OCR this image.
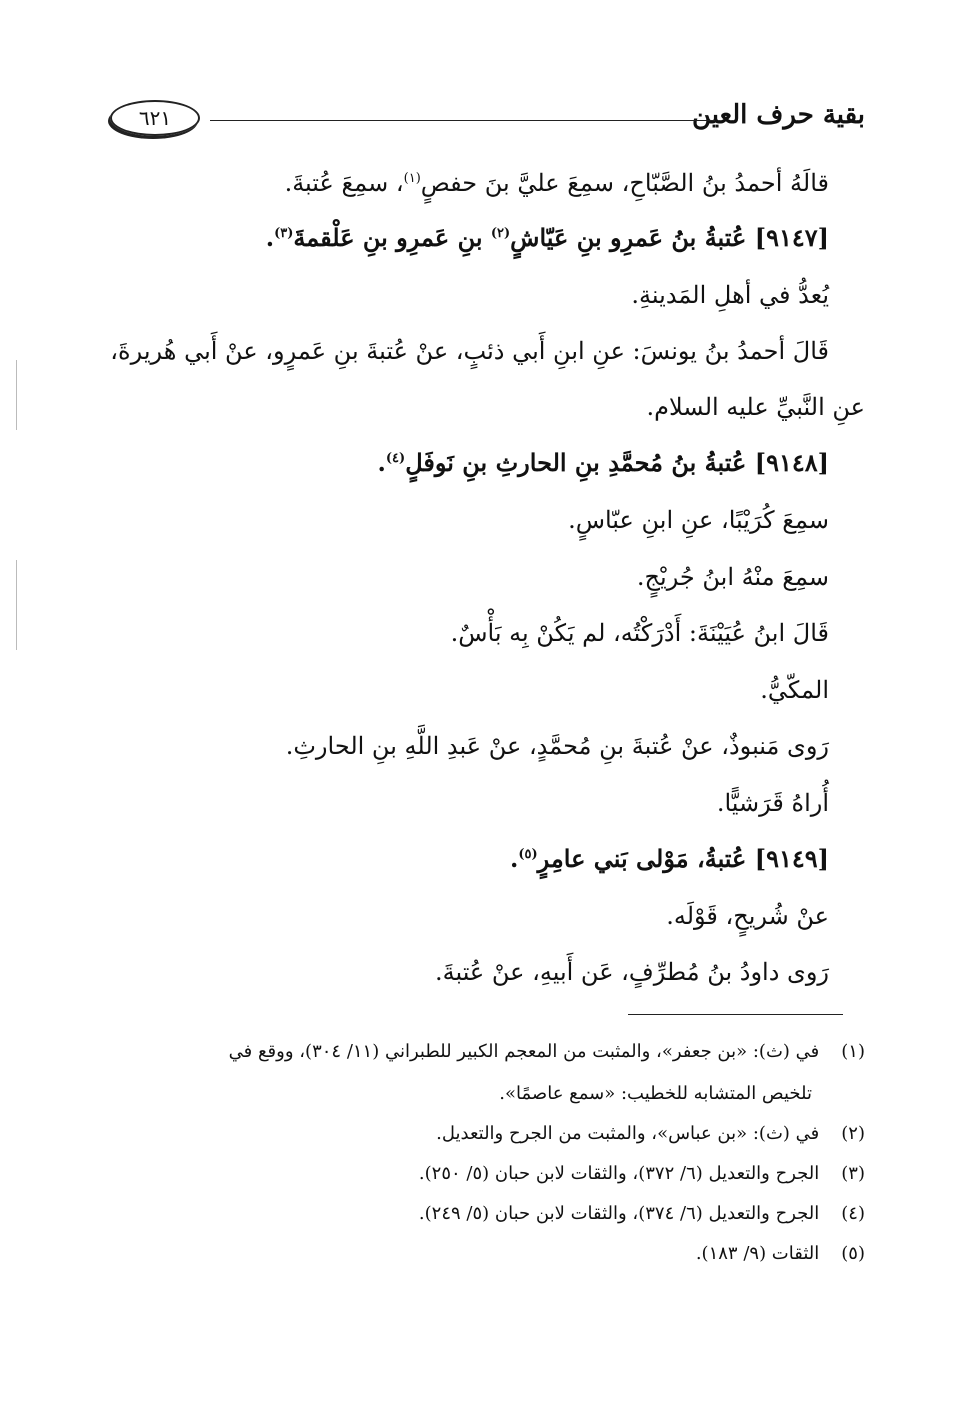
بقية حرف العين
٦٢١
قالَهُ أحمدُ بنُ الصَّبّاحِ، سمِعَ عليَّ بنَ حفصٍ$^{(١)}$، سمِعَ عُتبةَ.
[٩١٤٧] عُتبةُ بنُ عَمرِو بنِ عَيّاشٍ$^{(٢)}$ بنِ عَمرِو بنِ عَلْقمةَ$^{(٣)}$.
يُعدُّ في أهلِ المَدينةِ.
قَالَ أحمدُ بنُ يونسَ: عنِ ابنِ أَبي ذئبٍ، عنْ عُتبةَ بنِ عَمرٍو، عنْ أَبي هُريرةَ،
عنِ النَّبيِّ عليه السلام.
[٩١٤٨] عُتبةُ بنُ مُحمَّدِ بنِ الحارثِ بنِ نَوفَلٍ$^{(٤)}$.
سمِعَ كُرَيْبًا، عنِ ابنِ عبّاسٍ.
سمِعَ منْهُ ابنُ جُريْجٍ.
قَالَ ابنُ عُيَيْنَةَ: أَدْرَكْتُه، لم يَكُنْ بِه بَأْسٌ.
المكّيُّ.
رَوى مَنبوذٌ، عنْ عُتبةَ بنِ مُحمَّدٍ، عنْ عَبدِ اللَّهِ بنِ الحارثِ.
أُراهُ قَرَشيًّا.
[٩١٤٩] عُتبةُ، مَوْلى بَني عامِرٍ$^{(٥)}$.
عنْ شُريحٍ، قَوْلَه.
رَوى داودُ بنُ مُطرِّفٍ، عَن أَبيهِ، عنْ عُتبةَ.
(١) في (ث): «بن جعفر»، والمثبت من المعجم الكبير للطبراني (١١/ ٣٠٤)، ووقع في
تلخيص المتشابه للخطيب: «سمع عاصمًا».
(٢) في (ث): «بن عباس»، والمثبت من الجرح والتعديل.
(٣) الجرح والتعديل (٦/ ٣٧٢)، والثقات لابن حبان (٥/ ٢٥٠).
(٤) الجرح والتعديل (٦/ ٣٧٤)، والثقات لابن حبان (٥/ ٢٤٩).
(٥) الثقات (٩/ ١٨٣).
